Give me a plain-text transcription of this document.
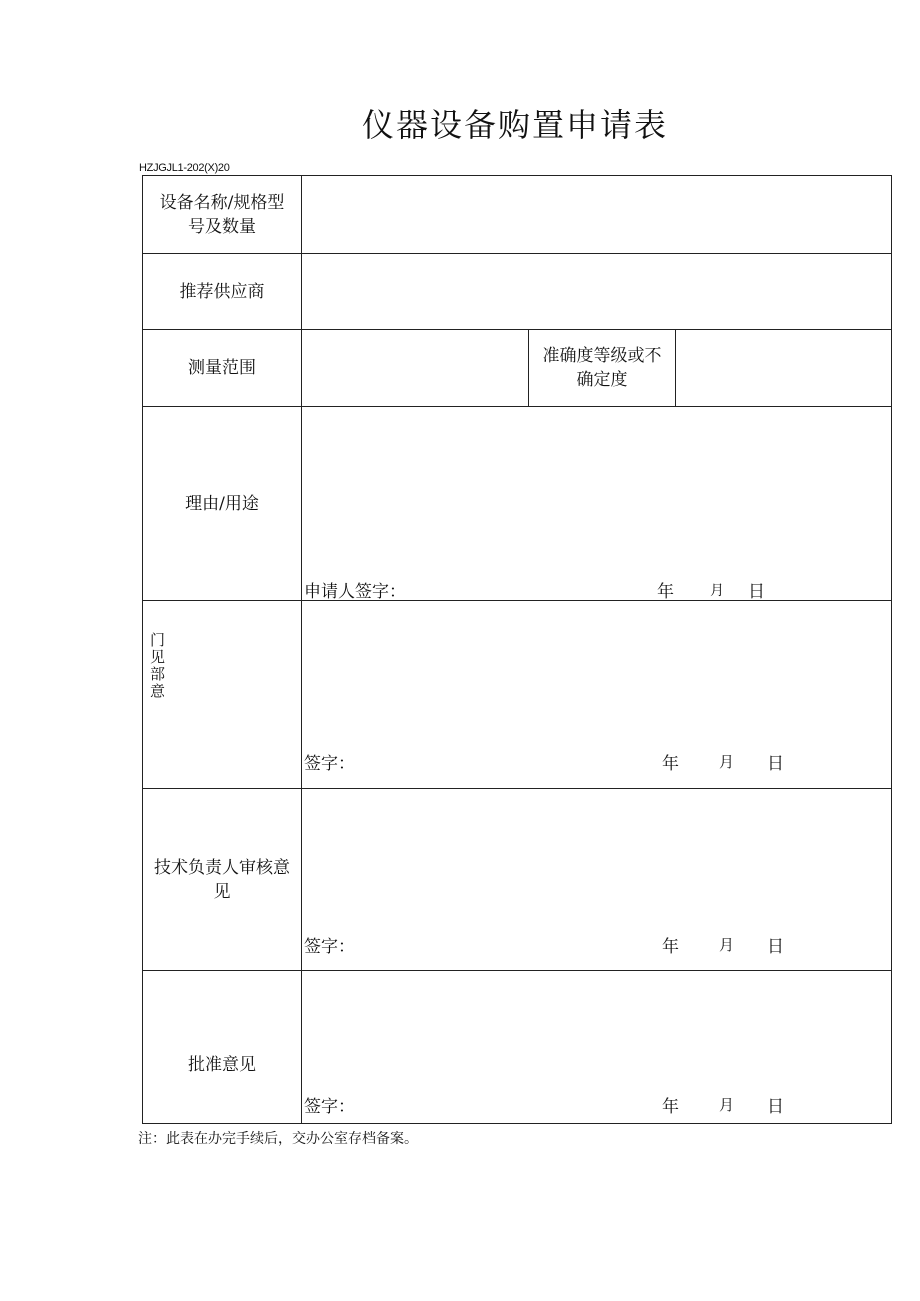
仪器设备购置申请表
HZJGJL1-202(X)20
设备名称/规格型
号及数量
推荐供应商
测量范围
准确度等级或不
确定度
理由/用途
申请人签字：	年	月 日
门
见
部
意
签字：	年	月 日
技术负责人审核意
见
签字：	年	月 日
批准意见
签字：	年	月 日
注：此表在办完手续后，交办公室存档备案。
